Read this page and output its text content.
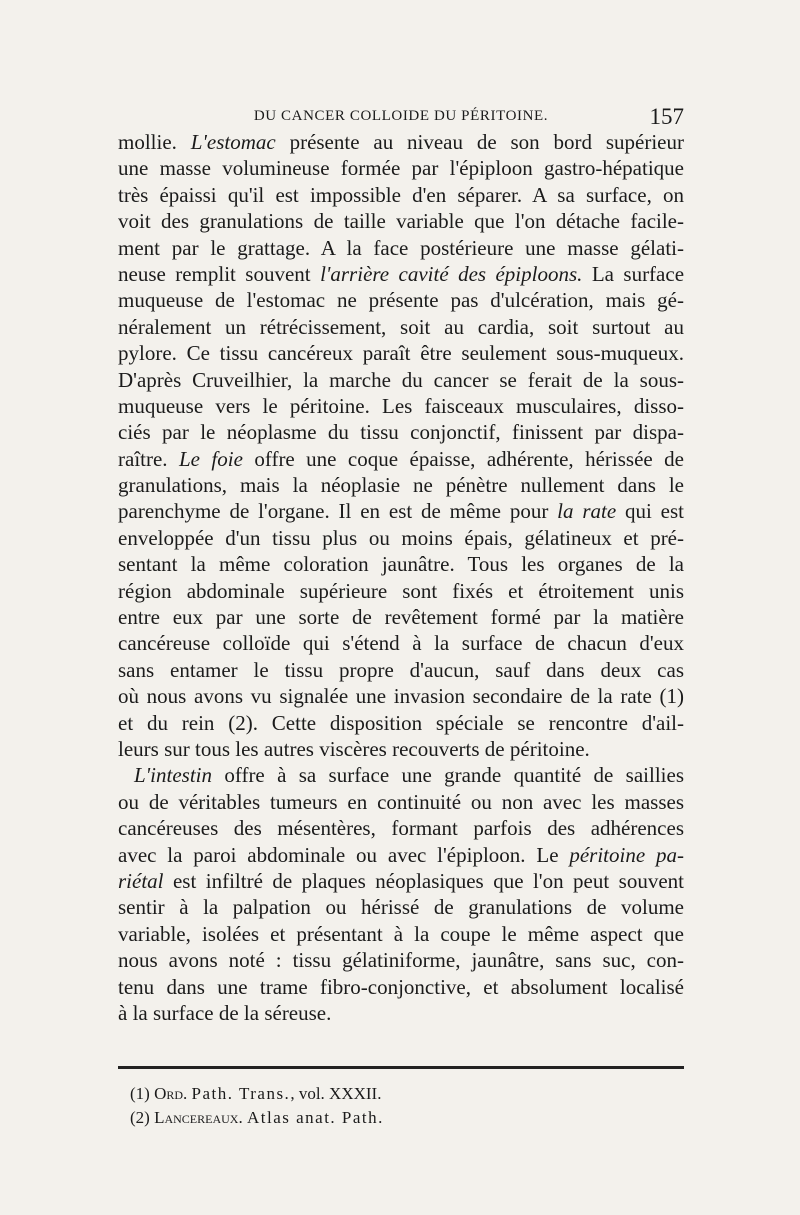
DU CANCER COLLOIDE DU PÉRITOINE.	157
mollie. L'estomac présente au niveau de son bord supérieur
une masse volumineuse formée par l'épiploon gastro-hépatique
très épaissi qu'il est impossible d'en séparer. A sa surface, on
voit des granulations de taille variable que l'on détache facile-
ment par le grattage. A la face postérieure une masse gélati-
neuse remplit souvent l'arrière cavité des épiploons. La surface
muqueuse de l'estomac ne présente pas d'ulcération, mais gé-
néralement un rétrécissement, soit au cardia, soit surtout au
pylore. Ce tissu cancéreux paraît être seulement sous-muqueux.
D'après Cruveilhier, la marche du cancer se ferait de la sous-
muqueuse vers le péritoine. Les faisceaux musculaires, disso-
ciés par le néoplasme du tissu conjonctif, finissent par dispa-
raître. Le foie offre une coque épaisse, adhérente, hérissée de
granulations, mais la néoplasie ne pénètre nullement dans le
parenchyme de l'organe. Il en est de même pour la rate qui est
enveloppée d'un tissu plus ou moins épais, gélatineux et pré-
sentant la même coloration jaunâtre. Tous les organes de la
région abdominale supérieure sont fixés et étroitement unis
entre eux par une sorte de revêtement formé par la matière
cancéreuse colloïde qui s'étend à la surface de chacun d'eux
sans entamer le tissu propre d'aucun, sauf dans deux cas
où nous avons vu signalée une invasion secondaire de la rate (1)
et du rein (2). Cette disposition spéciale se rencontre d'ail-
leurs sur tous les autres viscères recouverts de péritoine.
L'intestin offre à sa surface une grande quantité de saillies
ou de véritables tumeurs en continuité ou non avec les masses
cancéreuses des mésentères, formant parfois des adhérences
avec la paroi abdominale ou avec l'épiploon. Le péritoine pa-
riétal est infiltré de plaques néoplasiques que l'on peut souvent
sentir à la palpation ou hérissé de granulations de volume
variable, isolées et présentant à la coupe le même aspect que
nous avons noté : tissu gélatiniforme, jaunâtre, sans suc, con-
tenu dans une trame fibro-conjonctive, et absolument localisé
à la surface de la séreuse.
(1) Ord. Path. Trans., vol. XXXII.
(2) Lancereaux. Atlas anat. Path.
